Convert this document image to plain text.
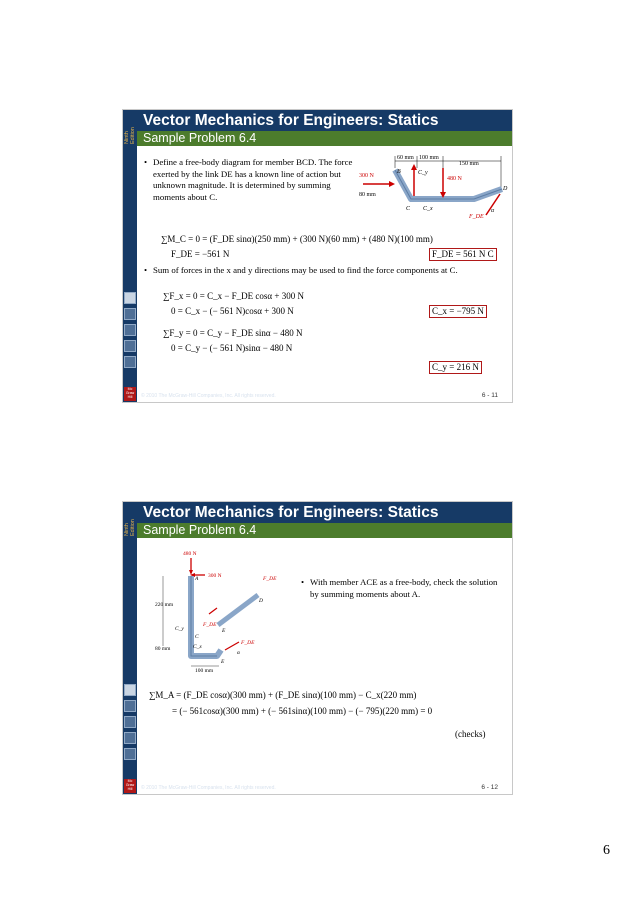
Ninth Edition
Mc Graw Hill
Vector Mechanics for Engineers: Statics
Sample Problem 6.4
• Define a free-body diagram for member BCD. The force exerted by the link DE has a known line of action but unknown magnitude. It is determined by summing moments about C.
60 mm 100 mm
150 mm
B
C
D
300 N
80 mm
480 N
C_y
C_x
F_DE
α
∑M_C = 0 = (F_DE sinα)(250 mm) + (300 N)(60 mm) + (480 N)(100 mm)
F_DE = −561 N	F_DE = 561 N C
• Sum of forces in the x and y directions may be used to find the force components at C.
∑F_x = 0 = C_x − F_DE cosα + 300 N
0 = C_x − (− 561 N)cosα + 300 N	C_x = −795 N
∑F_y = 0 = C_y − F_DE sinα − 480 N
0 = C_y − (− 561 N)sinα − 480 N
C_y = 216 N
© 2010 The McGraw-Hill Companies, Inc. All rights reserved.	6 - 11
Ninth Edition
Mc Graw Hill
Vector Mechanics for Engineers: Statics
Sample Problem 6.4
480 N
300 N
A
C
E
E
D
F_DE
F_DE
F_DE
α
C_y
C_x
220 mm
80 mm
100 mm
• With member ACE as a free-body, check the solution by summing moments about A.
∑M_A = (F_DE cosα)(300 mm) + (F_DE sinα)(100 mm) − C_x(220 mm)
= (− 561cosα)(300 mm) + (− 561sinα)(100 mm) − (− 795)(220 mm) = 0
(checks)
© 2010 The McGraw-Hill Companies, Inc. All rights reserved.	6 - 12
6
